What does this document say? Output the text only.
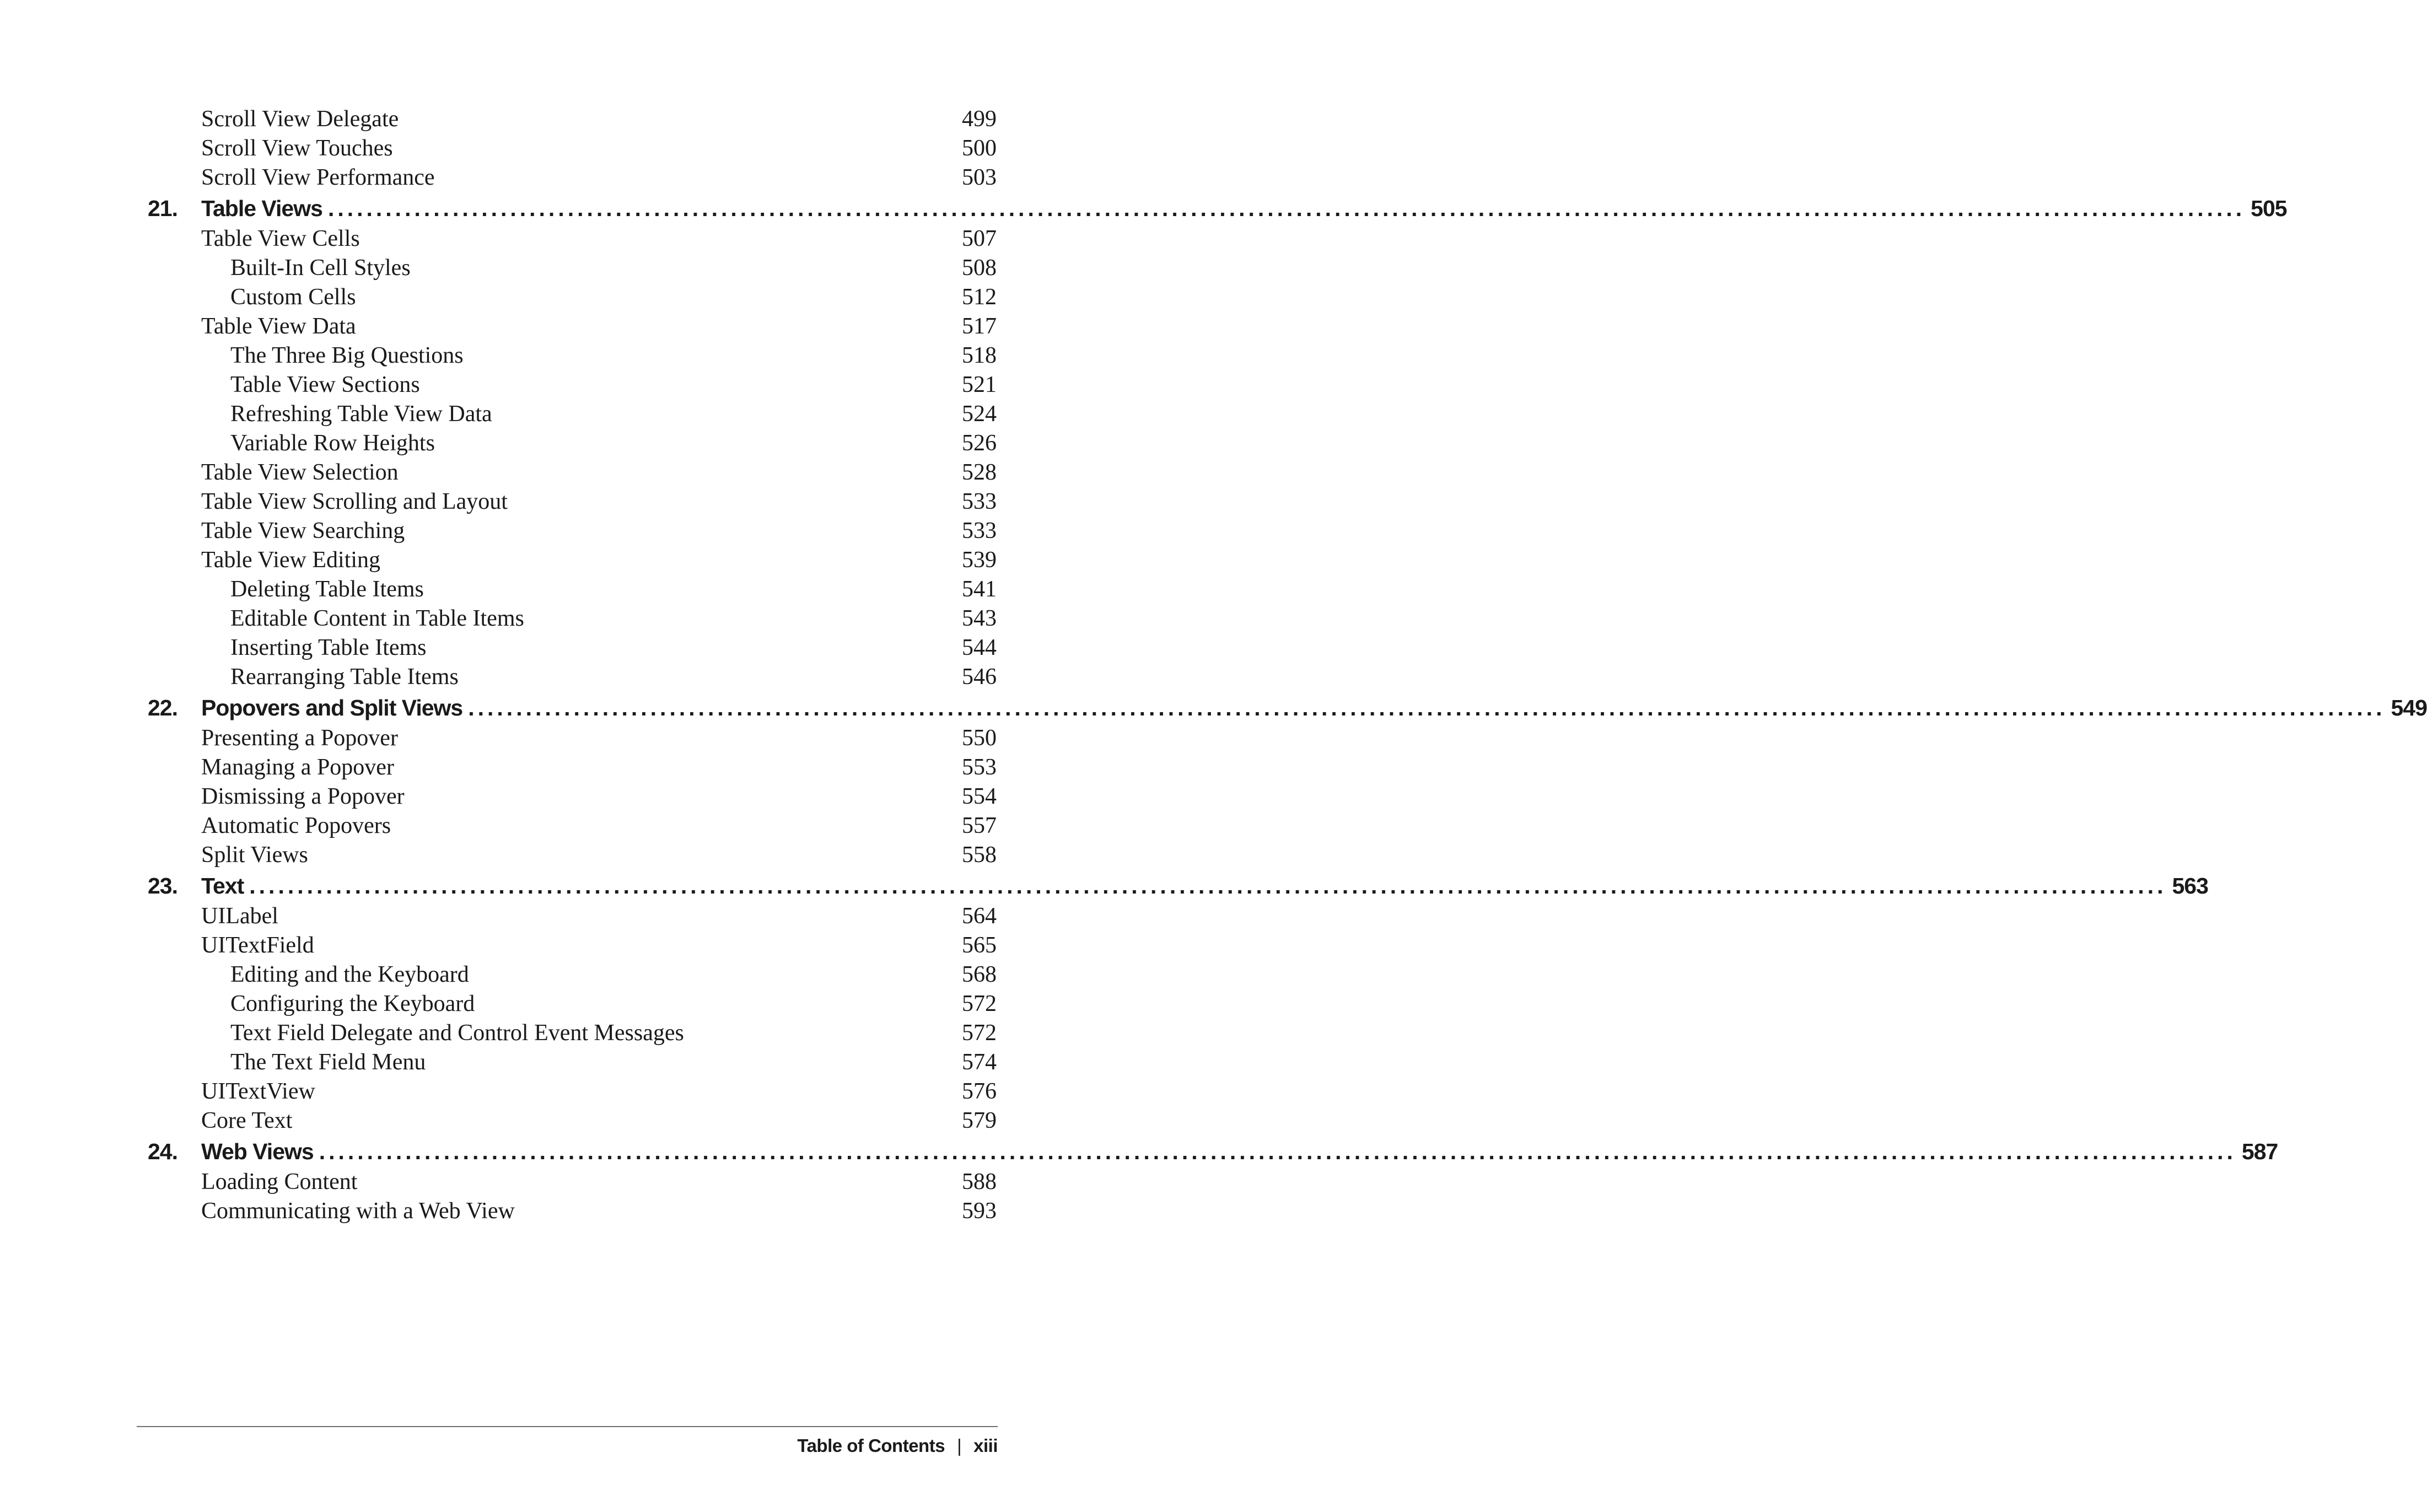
Scroll View Delegate	499
Scroll View Touches	500
Scroll View Performance	503
21. Table Views ........................................................................................................................................................................................................ 505
Table View Cells	507
Built-In Cell Styles	508
Custom Cells	512
Table View Data	517
The Three Big Questions	518
Table View Sections	521
Refreshing Table View Data	524
Variable Row Heights	526
Table View Selection	528
Table View Scrolling and Layout	533
Table View Searching	533
Table View Editing	539
Deleting Table Items	541
Editable Content in Table Items	543
Inserting Table Items	544
Rearranging Table Items	546
22. Popovers and Split Views ........................................................................................................................................................................................................ 549
Presenting a Popover	550
Managing a Popover	553
Dismissing a Popover	554
Automatic Popovers	557
Split Views	558
23. Text ........................................................................................................................................................................................................ 563
UILabel	564
UITextField	565
Editing and the Keyboard	568
Configuring the Keyboard	572
Text Field Delegate and Control Event Messages	572
The Text Field Menu	574
UITextView	576
Core Text	579
24. Web Views ........................................................................................................................................................................................................ 587
Loading Content	588
Communicating with a Web View	593
Table of Contents | xiii
